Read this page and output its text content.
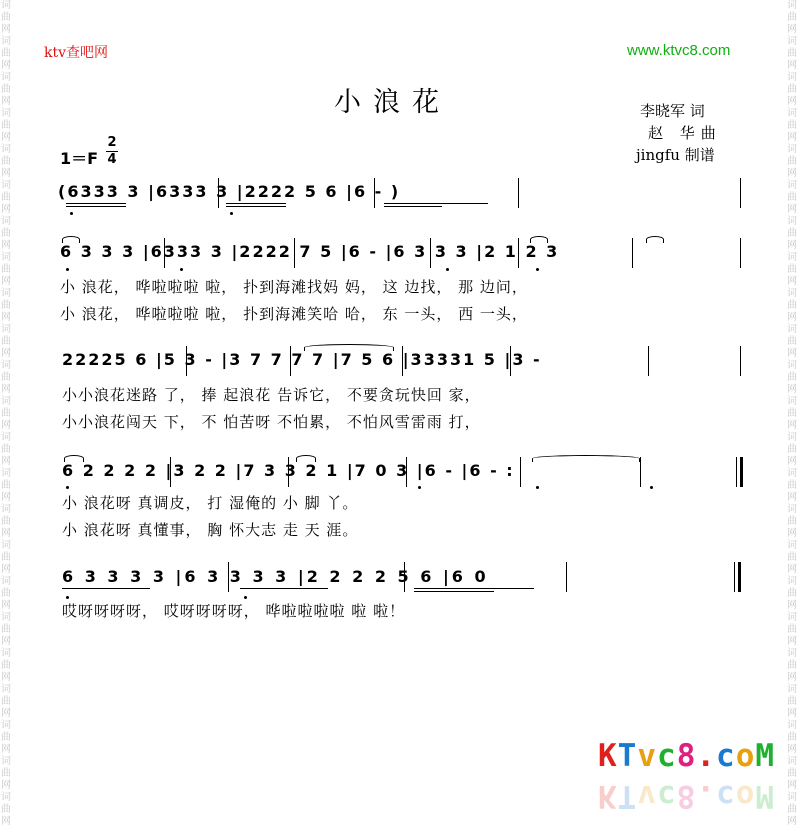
词
曲
网
词
曲
网
词
曲
网
词
曲
网
词
曲
网
词
曲
网
词
曲
网
词
曲
网
词
曲
网
词
曲
网
词
曲
网
词
曲
网
词
曲
网
词
曲
网
词
曲
网
词
曲
网
词
曲
网
词
曲
网
词
曲
网
词
曲
网
词
曲
网
词
曲
网
词
曲
网
词
曲
网
词
曲
网
词
曲
网
词
曲
网
词
曲
网
词
曲
网
词
曲
网
词
曲
网
词
曲
网
词
曲
网
词
曲
网
词
曲
网
词
曲
网
词
曲
网
词
曲
网
词
曲
网
词
曲
网
词
曲
网
词
曲
网
词
曲
网
词
曲
网
词
曲
网
词
曲
网
ktv查吧网	www.ktvc8.com
小浪花	李晓军 词
赵 华曲
jingfu 制谱
1＝F
2
4
(6333 3 |6333 3 |2222 5 6 |6 - )
6 3 3 3 |6333 3 |2222 7 5 |6 - |6 3 3 3 |2 1 2 3
小 浪花， 哗啦啦啦 啦， 扑到海滩找妈 妈， 这 边找， 那 边问，
小 浪花， 哗啦啦啦 啦， 扑到海滩笑哈 哈， 东 一头， 西 一头，
22225 6 |5 3 - |3 7 7 7 7 |7 5 6 |33331 5 |3 -
小小浪花迷路 了， 捧 起浪花 告诉它， 不要贪玩快回 家，
小小浪花闯天 下， 不 怕苦呀 不怕累， 不怕风雪雷雨 打，
6 2 2 2 2 |3 2 2 |7 3 3 2 1 |7 0 3 |6 - |6 - :
小 浪花呀 真调皮， 打 湿俺的 小 脚 丫。
小 浪花呀 真懂事， 胸 怀大志 走 天 涯。
6 3 3 3 3 |6 3 3 3 3 |2 2 2 2 5 6 |6 0
哎呀呀呀呀， 哎呀呀呀呀， 哗啦啦啦啦 啦 啦！
KTvc8.coM
KTvc8.coM
